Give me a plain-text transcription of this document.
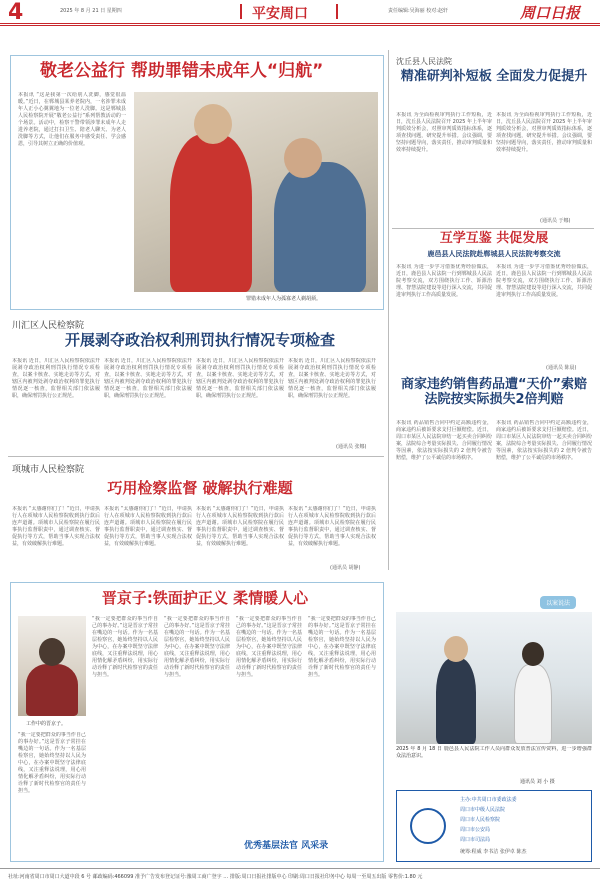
4	2025 年 8 月 21 日 星期四	平安周口	责任编辑:吴海丽 校对:赵轩	周口日报
敬老公益行 帮助罪错未成年人“归航”
本报讯 “这是我第一次给别人洗脚，感觉很温暖。”近日，在郸城县某养老院内，一名涉罪未成年人正小心翼翼地为一位老人洗脚。这是郸城县人民检察院开展“敬老公益行”系列帮教活动的一个场景。活动中，检察干警带领涉罪未成年人走进养老院，通过打扫卫生、陪老人聊天、为老人洗脚等方式，让他们在服务中感受责任、学会感恩，引导其树立正确的价值观。
罪错未成年人为孤寡老人剃胡须。
沈丘县人民法院
精准研判补短板 全面发力促提升
本报讯 为全面检视审判执行工作短板，近日，沈丘县人民法院召开 2025 年上半年审判质效分析会，对照审判质效指标体系，逐项查找问题，研究提升举措。会议强调，要坚持问题导向，落实责任，推动审判质量和效率持续提升。
本报讯 为全面检视审判执行工作短板，近日，沈丘县人民法院召开 2025 年上半年审判质效分析会，对照审判质效指标体系，逐项查找问题，研究提升举措。会议强调，要坚持问题导向，落实责任，推动审判质量和效率持续提升。
(通讯员 于娜)
互学互鉴 共促发展
鹿邑县人民法院赴郸城县人民法院考察交流
本报讯 为进一步学习借鉴优秀经验做法，近日，鹿邑县人民法院一行到郸城县人民法院考察交流，双方围绕执行工作、诉源治理、智慧法院建设等进行深入交流，共同促进审判执行工作高质量发展。
本报讯 为进一步学习借鉴优秀经验做法，近日，鹿邑县人民法院一行到郸城县人民法院考察交流，双方围绕执行工作、诉源治理、智慧法院建设等进行深入交流，共同促进审判执行工作高质量发展。
(通讯员 陈晨)
川汇区人民检察院
开展剥夺政治权利刑罚执行情况专项检查
本报讯 近日，川汇区人民检察院依法开展剥夺政治权利刑罚执行情况专项检查，以案卡核查、实地走访等方式，对辖区内被判处剥夺政治权利的罪犯执行情况逐一核查，监督相关部门依法履职，确保刑罚执行公正规范。
本报讯 近日，川汇区人民检察院依法开展剥夺政治权利刑罚执行情况专项检查，以案卡核查、实地走访等方式，对辖区内被判处剥夺政治权利的罪犯执行情况逐一核查，监督相关部门依法履职，确保刑罚执行公正规范。
本报讯 近日，川汇区人民检察院依法开展剥夺政治权利刑罚执行情况专项检查，以案卡核查、实地走访等方式，对辖区内被判处剥夺政治权利的罪犯执行情况逐一核查，监督相关部门依法履职，确保刑罚执行公正规范。
本报讯 近日，川汇区人民检察院依法开展剥夺政治权利刑罚执行情况专项检查，以案卡核查、实地走访等方式，对辖区内被判处剥夺政治权利的罪犯执行情况逐一核查，监督相关部门依法履职，确保刑罚执行公正规范。
(通讯员 张娜)
项城市人民检察院
巧用检察监督 破解执行难题
本报讯 “太感谢你们了！”近日，申请执行人在项城市人民检察院收到执行款后连声道谢。项城市人民检察院在履行民事执行监督职责中，通过调查核实、督促执行等方式，帮助当事人实现合法权益，有效破解执行难题。
本报讯 “太感谢你们了！”近日，申请执行人在项城市人民检察院收到执行款后连声道谢。项城市人民检察院在履行民事执行监督职责中，通过调查核实、督促执行等方式，帮助当事人实现合法权益，有效破解执行难题。
本报讯 “太感谢你们了！”近日，申请执行人在项城市人民检察院收到执行款后连声道谢。项城市人民检察院在履行民事执行监督职责中，通过调查核实、督促执行等方式，帮助当事人实现合法权益，有效破解执行难题。
本报讯 “太感谢你们了！”近日，申请执行人在项城市人民检察院收到执行款后连声道谢。项城市人民检察院在履行民事执行监督职责中，通过调查核实、督促执行等方式，帮助当事人实现合法权益，有效破解执行难题。
(通讯员 胡静)
晋京子:铁面护正义 柔情暖人心
工作中的晋京子。
“我一定要把群众的事当作自己的事办好。”这是晋京子常挂在嘴边的一句话。作为一名基层检察官，她始终坚持以人民为中心，在办案中既坚守法律底线，又注重释法说理，用心用情化解矛盾纠纷，用实际行动诠释了新时代检察官的责任与担当。
“我一定要把群众的事当作自己的事办好。”这是晋京子常挂在嘴边的一句话。作为一名基层检察官，她始终坚持以人民为中心，在办案中既坚守法律底线，又注重释法说理，用心用情化解矛盾纠纷，用实际行动诠释了新时代检察官的责任与担当。
“我一定要把群众的事当作自己的事办好。”这是晋京子常挂在嘴边的一句话。作为一名基层检察官，她始终坚持以人民为中心，在办案中既坚守法律底线，又注重释法说理，用心用情化解矛盾纠纷，用实际行动诠释了新时代检察官的责任与担当。
“我一定要把群众的事当作自己的事办好。”这是晋京子常挂在嘴边的一句话。作为一名基层检察官，她始终坚持以人民为中心，在办案中既坚守法律底线，又注重释法说理，用心用情化解矛盾纠纷，用实际行动诠释了新时代检察官的责任与担当。
“我一定要把群众的事当作自己的事办好。”这是晋京子常挂在嘴边的一句话。作为一名基层检察官，她始终坚持以人民为中心，在办案中既坚守法律底线，又注重释法说理，用心用情化解矛盾纠纷，用实际行动诠释了新时代检察官的责任与担当。
优秀基层法官 风采录
商家违约销售药品遭“天价”索赔 法院按实际损失2倍判赔
本报讯 药品销售合同中约定高额违约金，商家违约后被诉要求支付巨额赔偿。近日，周口市某区人民法院审结一起买卖合同纠纷案，法院综合考量实际损失、合同履行情况等因素，依法按实际损失的 2 倍判令被告赔偿，维护了公平诚信的市场秩序。
本报讯 药品销售合同中约定高额违约金，商家违约后被诉要求支付巨额赔偿。近日，周口市某区人民法院审结一起买卖合同纠纷案，法院综合考量实际损失、合同履行情况等因素，依法按实际损失的 2 倍判令被告赔偿，维护了公平诚信的市场秩序。
以案说法
2025 年 8 月 18 日 鹿邑县人民法院工作人员向群众发放普法宣传资料，进一步增强群众法治意识。
通讯员 刘 小 摄
主办:中共周口市委政法委
周口市中级人民法院
周口市人民检察院
周口市公安局
周口市司法局
统筹:程威 李书洁 张伊卓 陈杰
社址:河南省周口市周口大道中段 6 号 邮政编码:466099 准予广告发布登记证号:豫周工商广登字 … 排版:周口日报社排版中心 印刷:周口日报社印务中心 每周一至周五出版 零售价:1.80 元
